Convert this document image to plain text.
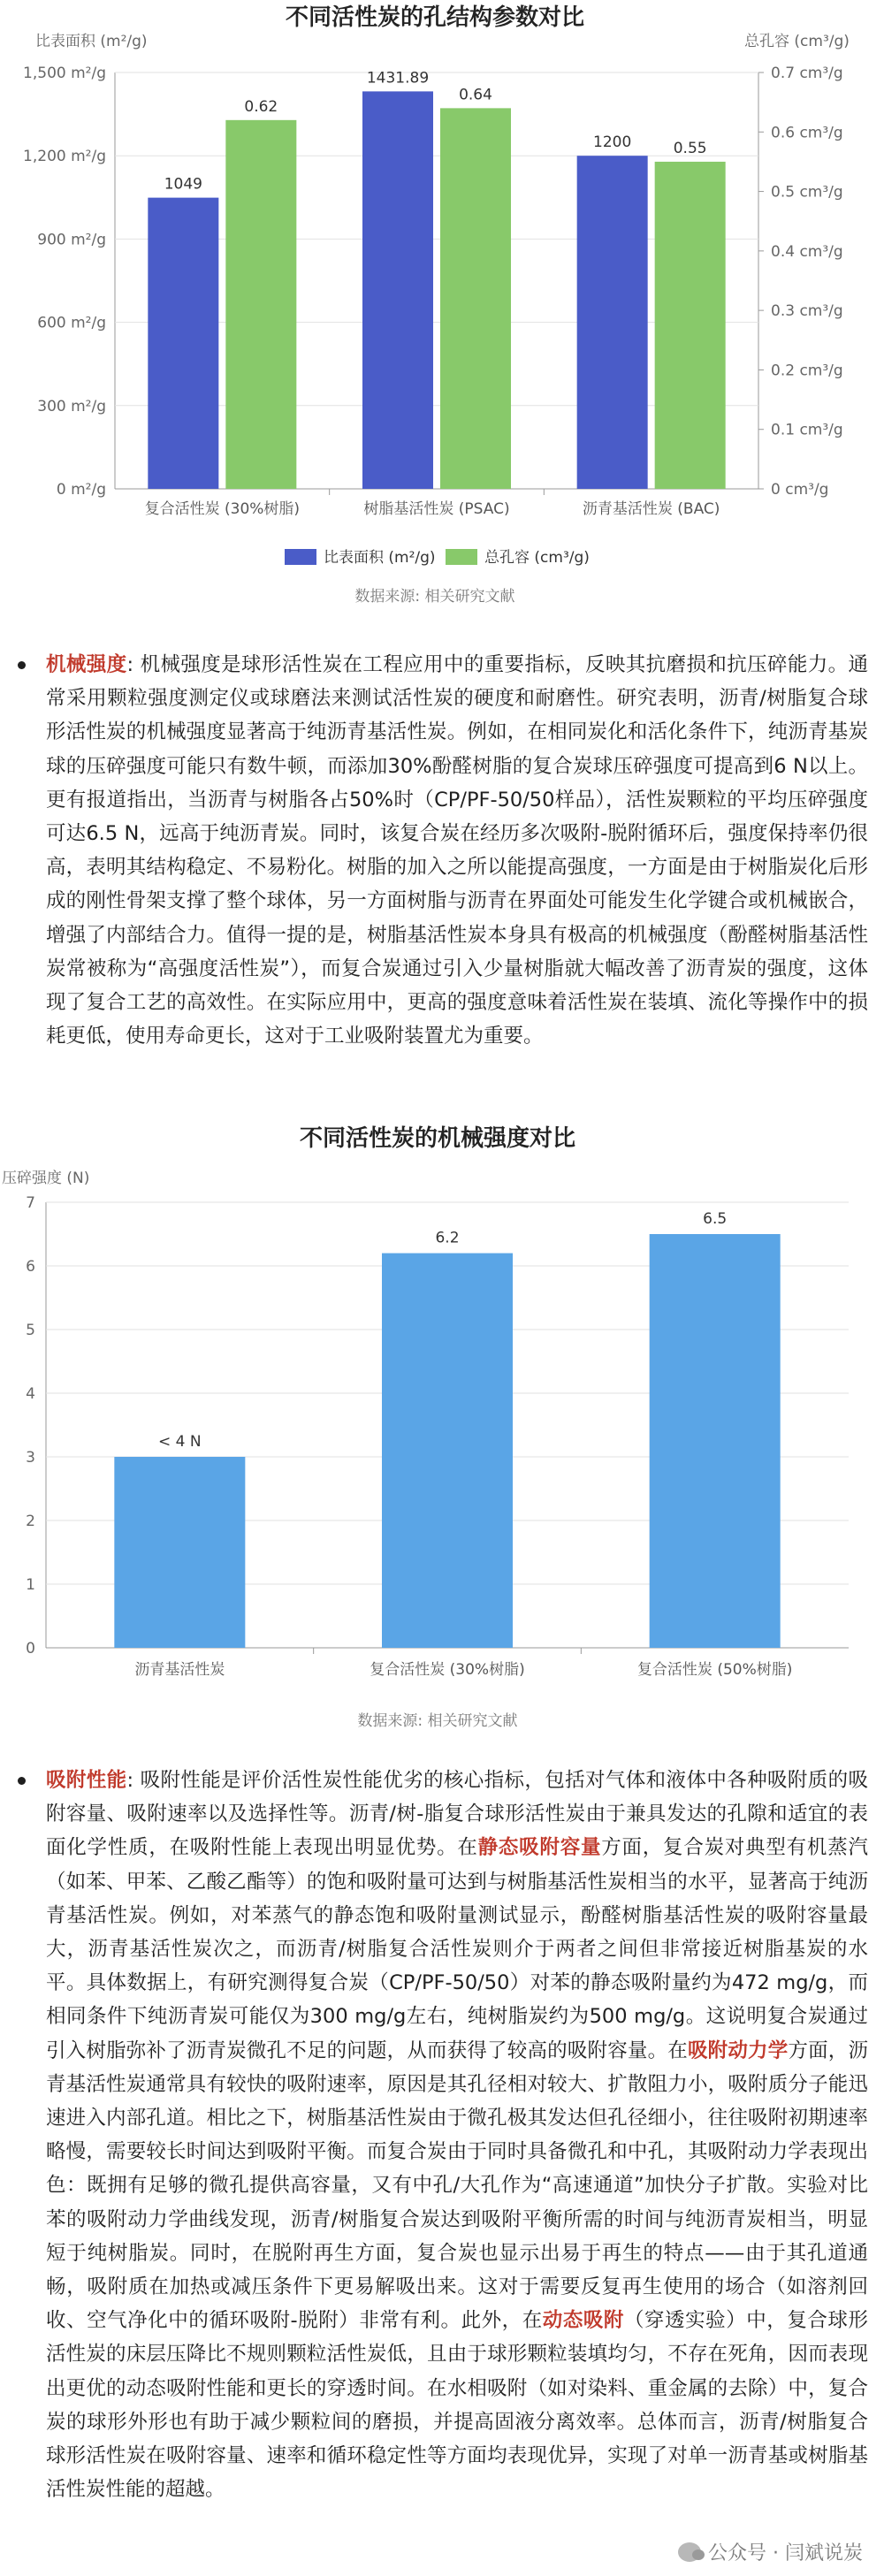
不同活性炭的孔结构参数对比
比表面积 (m²/g)	总孔容 (cm³/g)
0 m²/g
300 m²/g
600 m²/g
900 m²/g
1,200 m²/g
1,500 m²/g
0 cm³/g
0.1 cm³/g
0.2 cm³/g
0.3 cm³/g
0.4 cm³/g
0.5 cm³/g
0.6 cm³/g
0.7 cm³/g
复合活性炭 (30%树脂)	树脂基活性炭 (PSAC)	沥青基活性炭 (BAC)
1049
0.62
1431.89
0.64
1200	0.55
比表面积 (m²/g)	总孔容 (cm³/g)
数据来源: 相关研究文献
机械强度: 机械强度是球形活性炭在工程应用中的重要指标，反映其抗磨损和抗压碎能力。通常采用颗粒强度测定仪或球磨法来测试活性炭的硬度和耐磨性。研究表明，沥青/树脂复合球形活性炭的机械强度显著高于纯沥青基活性炭。例如，在相同炭化和活化条件下，纯沥青基炭球的压碎强度可能只有数牛顿，而添加30%酚醛树脂的复合炭球压碎强度可提高到6 N以上。更有报道指出，当沥青与树脂各占50%时（CP/PF-50/50样品），活性炭颗粒的平均压碎强度可达6.5 N，远高于纯沥青炭。同时，该复合炭在经历多次吸附-脱附循环后，强度保持率仍很高，表明其结构稳定、不易粉化。树脂的加入之所以能提高强度，一方面是由于树脂炭化后形成的刚性骨架支撑了整个球体，另一方面树脂与沥青在界面处可能发生化学键合或机械嵌合，增强了内部结合力。值得一提的是，树脂基活性炭本身具有极高的机械强度（酚醛树脂基活性炭常被称为“高强度活性炭”），而复合炭通过引入少量树脂就大幅改善了沥青炭的强度，这体现了复合工艺的高效性。在实际应用中，更高的强度意味着活性炭在装填、流化等操作中的损耗更低，使用寿命更长，这对于工业吸附装置尤为重要。
不同活性炭的机械强度对比
压碎强度 (N)
0
1
2
3
4
5
6
7
沥青基活性炭	复合活性炭 (30%树脂)	复合活性炭 (50%树脂)
< 4 N
6.2
6.5
数据来源: 相关研究文献
吸附性能: 吸附性能是评价活性炭性能优劣的核心指标，包括对气体和液体中各种吸附质的吸附容量、吸附速率以及选择性等。沥青/树-脂复合球形活性炭由于兼具发达的孔隙和适宜的表面化学性质，在吸附性能上表现出明显优势。在静态吸附容量方面，复合炭对典型有机蒸汽（如苯、甲苯、乙酸乙酯等）的饱和吸附量可达到与树脂基活性炭相当的水平，显著高于纯沥青基活性炭。例如，对苯蒸气的静态饱和吸附量测试显示，酚醛树脂基活性炭的吸附容量最大，沥青基活性炭次之，而沥青/树脂复合活性炭则介于两者之间但非常接近树脂基炭的水平。具体数据上，有研究测得复合炭（CP/PF-50/50）对苯的静态吸附量约为472 mg/g，而相同条件下纯沥青炭可能仅为300 mg/g左右，纯树脂炭约为500 mg/g。这说明复合炭通过引入树脂弥补了沥青炭微孔不足的问题，从而获得了较高的吸附容量。在吸附动力学方面，沥青基活性炭通常具有较快的吸附速率，原因是其孔径相对较大、扩散阻力小，吸附质分子能迅速进入内部孔道。相比之下，树脂基活性炭由于微孔极其发达但孔径细小，往往吸附初期速率略慢，需要较长时间达到吸附平衡。而复合炭由于同时具备微孔和中孔，其吸附动力学表现出色：既拥有足够的微孔提供高容量，又有中孔/大孔作为“高速通道”加快分子扩散。实验对比苯的吸附动力学曲线发现，沥青/树脂复合炭达到吸附平衡所需的时间与纯沥青炭相当，明显短于纯树脂炭。同时，在脱附再生方面，复合炭也显示出易于再生的特点——由于其孔道通畅，吸附质在加热或减压条件下更易解吸出来。这对于需要反复再生使用的场合（如溶剂回收、空气净化中的循环吸附-脱附）非常有利。此外，在动态吸附（穿透实验）中，复合球形活性炭的床层压降比不规则颗粒活性炭低，且由于球形颗粒装填均匀，不存在死角，因而表现出更优的动态吸附性能和更长的穿透时间。在水相吸附（如对染料、重金属的去除）中，复合炭的球形外形也有助于减少颗粒间的磨损，并提高固液分离效率。总体而言，沥青/树脂复合球形活性炭在吸附容量、速率和循环稳定性等方面均表现优异，实现了对单一沥青基或树脂基活性炭性能的超越。
公众号 · 闫斌说炭
